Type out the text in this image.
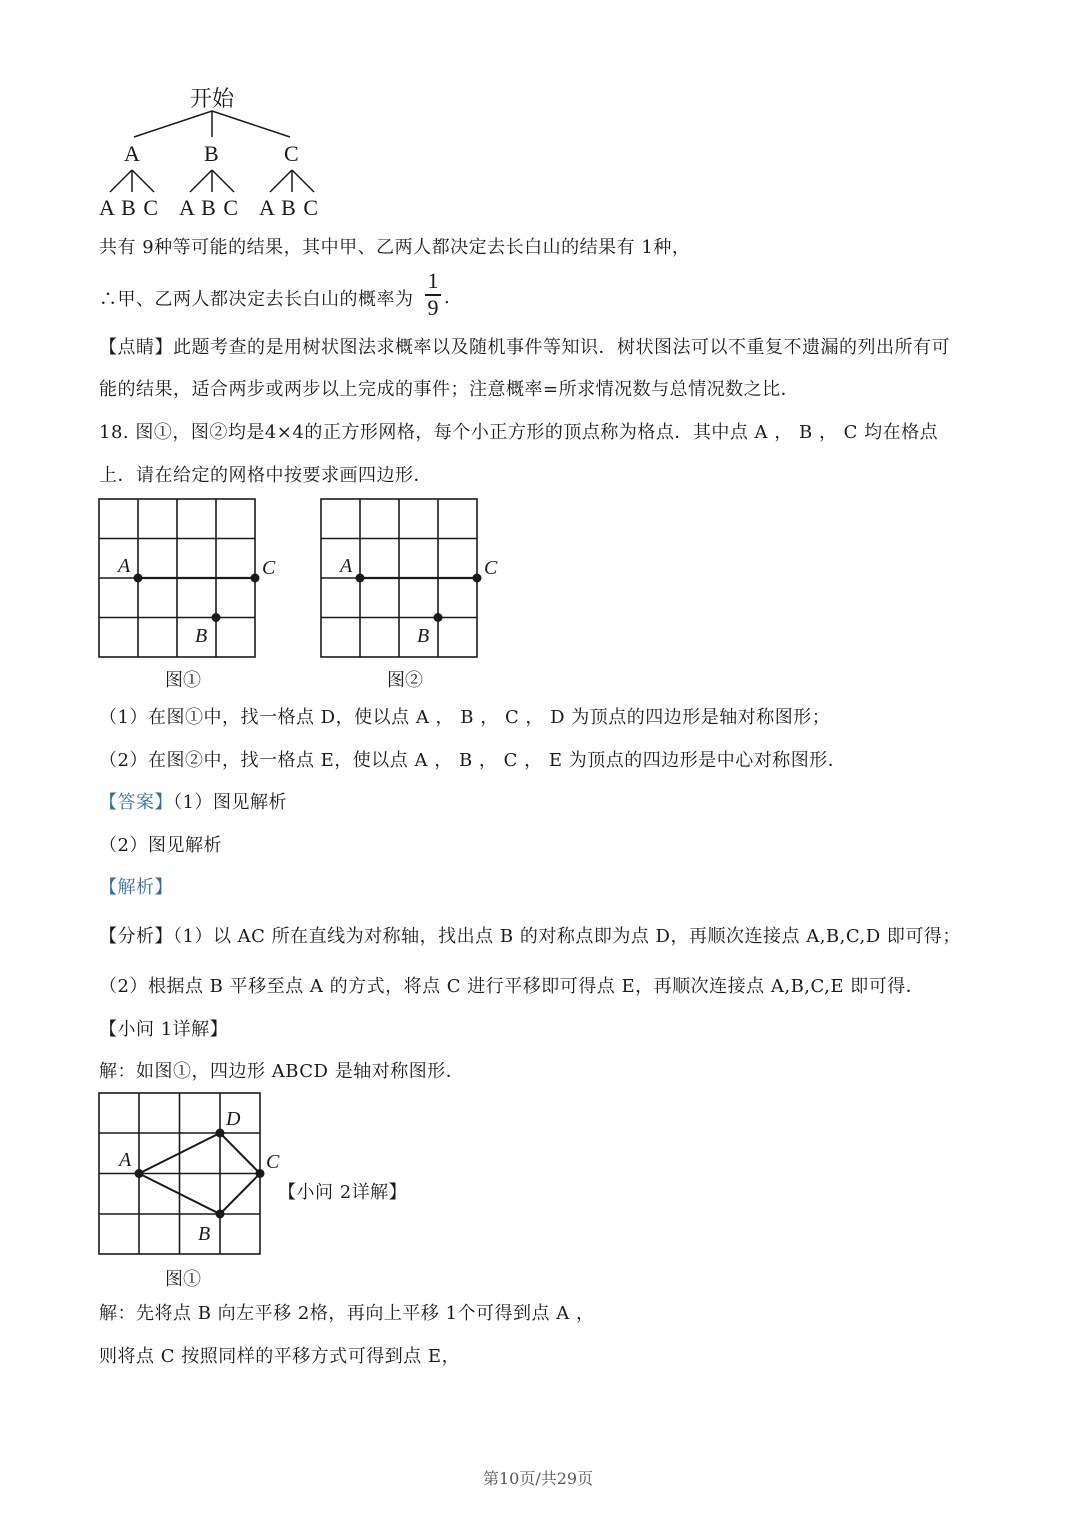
开始
A	B	C
A B C A B C A B C
共有 9种等可能的结果，其中甲、乙两人都决定去长白山的结果有 1种，
∴甲、乙两人都决定去长白山的概率为
1
9 .
【点睛】此题考查的是用树状图法求概率以及随机事件等知识．树状图法可以不重复不遗漏的列出所有可
能的结果，适合两步或两步以上完成的事件；注意概率=所求情况数与总情况数之比．
18. 图①，图②均是4×4的正方形网格，每个小正方形的顶点称为格点．其中点 A ， B ， C 均在格点
上．请在给定的网格中按要求画四边形．
A	C
B
图①
A	C
B
图②
（1）在图①中，找一格点 D，使以点 A ， B ， C ， D 为顶点的四边形是轴对称图形；
（2）在图②中，找一格点 E，使以点 A ， B ， C ， E 为顶点的四边形是中心对称图形．
【答案】（1）图见解析
（2）图见解析
【解析】
【分析】（1）以 AC 所在直线为对称轴，找出点 B 的对称点即为点 D，再顺次连接点 A,B,C,D 即可得；
（2）根据点 B 平移至点 A 的方式，将点 C 进行平移即可得点 E，再顺次连接点 A,B,C,E 即可得．
【小问 1详解】
解：如图①，四边形 ABCD 是轴对称图形．
A
D
C
B
图①
【小问 2详解】
解：先将点 B 向左平移 2格，再向上平移 1个可得到点 A ，
则将点 C 按照同样的平移方式可得到点 E，
第10页/共29页
